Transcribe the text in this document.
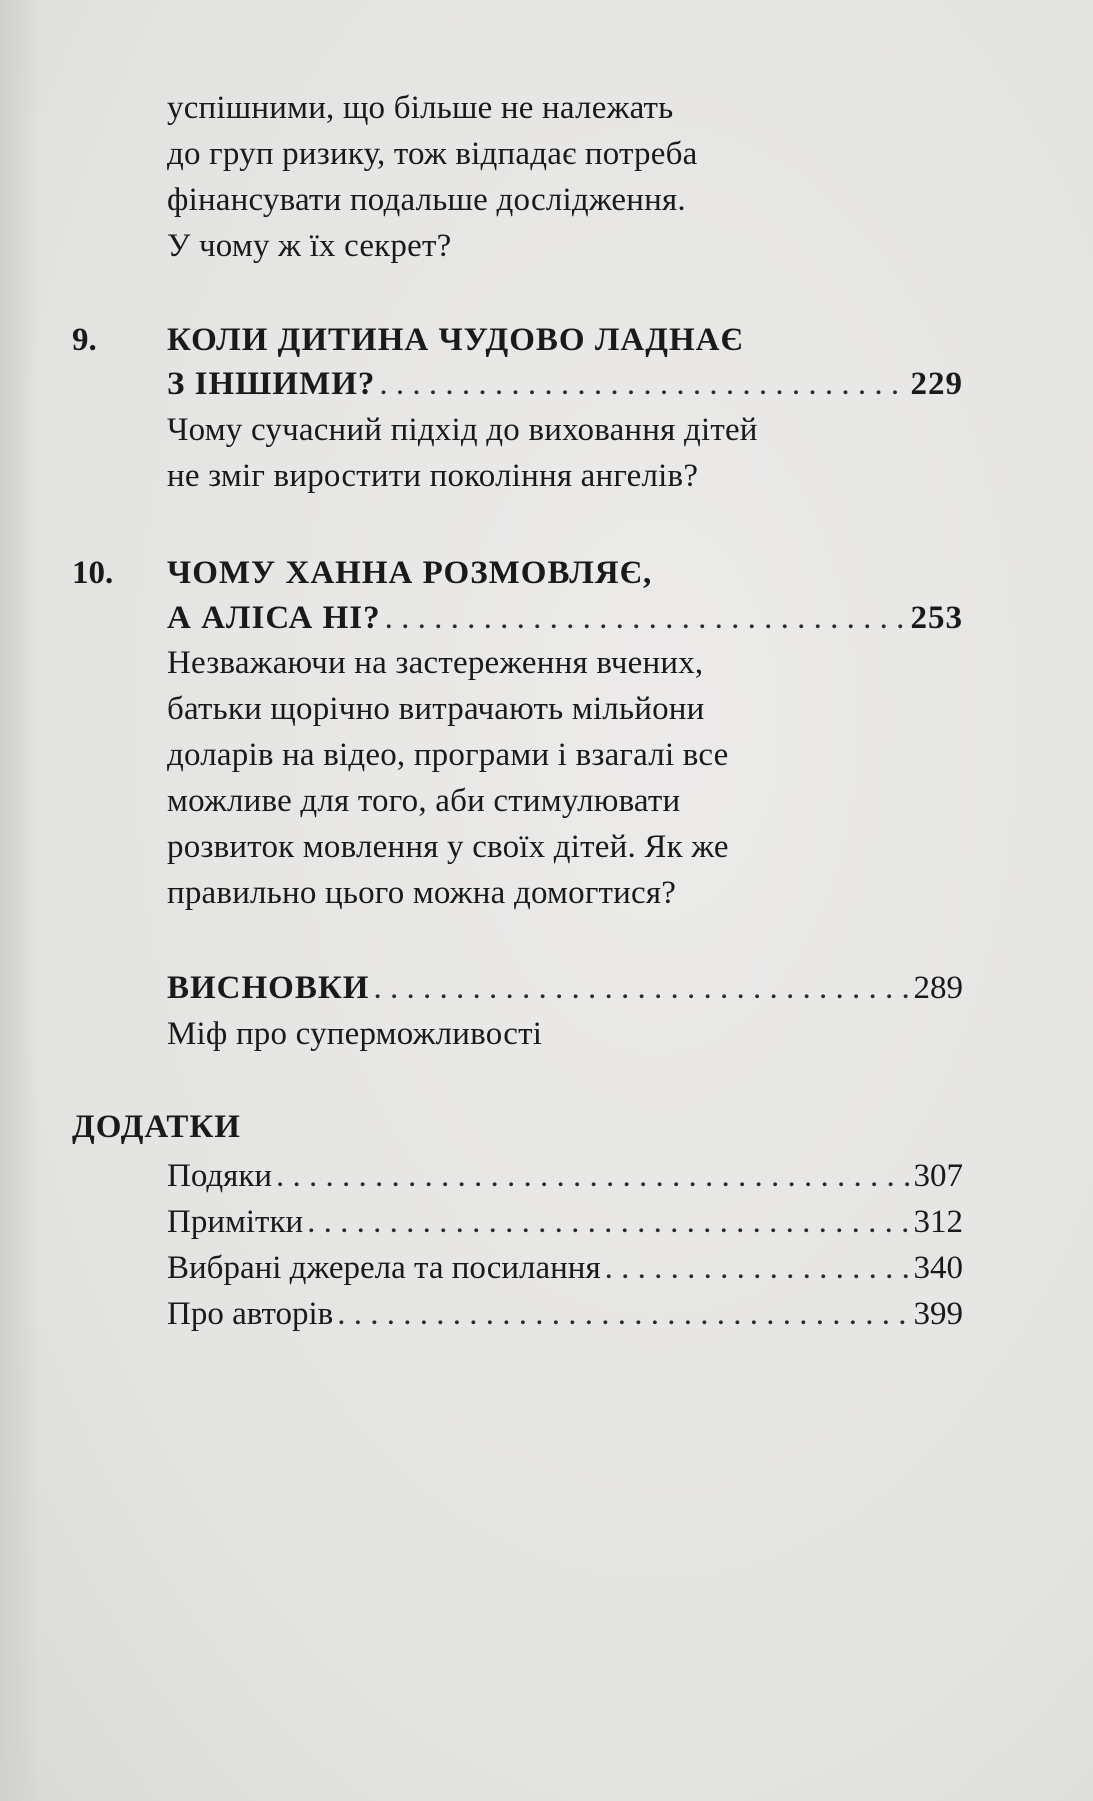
успішними, що більше не належать
до груп ризику, тож відпадає потреба
фінансувати подальше дослідження.
У чому ж їх секрет?
9. КОЛИ ДИТИНА ЧУДОВО ЛАДНАЄ
З ІНШИМИ? . . .	229
Чому сучасний підхід до виховання дітей
не зміг виростити покоління ангелів?
10. ЧОМУ ХАННА РОЗМОВЛЯЄ,
А АЛІСА НІ? . . .	253
Незважаючи на застереження вчених,
батьки щорічно витрачають мільйони
доларів на відео, програми і взагалі все
можливе для того, аби стимулювати
розвиток мовлення у своїх дітей. Як же
правильно цього можна домогтися?
ВИСНОВКИ . . .	289
Міф про суперможливості
ДОДАТКИ
Подяки . . .	307
Примітки . . .	312
Вибрані джерела та посилання . . .	340
Про авторів . . .	399
